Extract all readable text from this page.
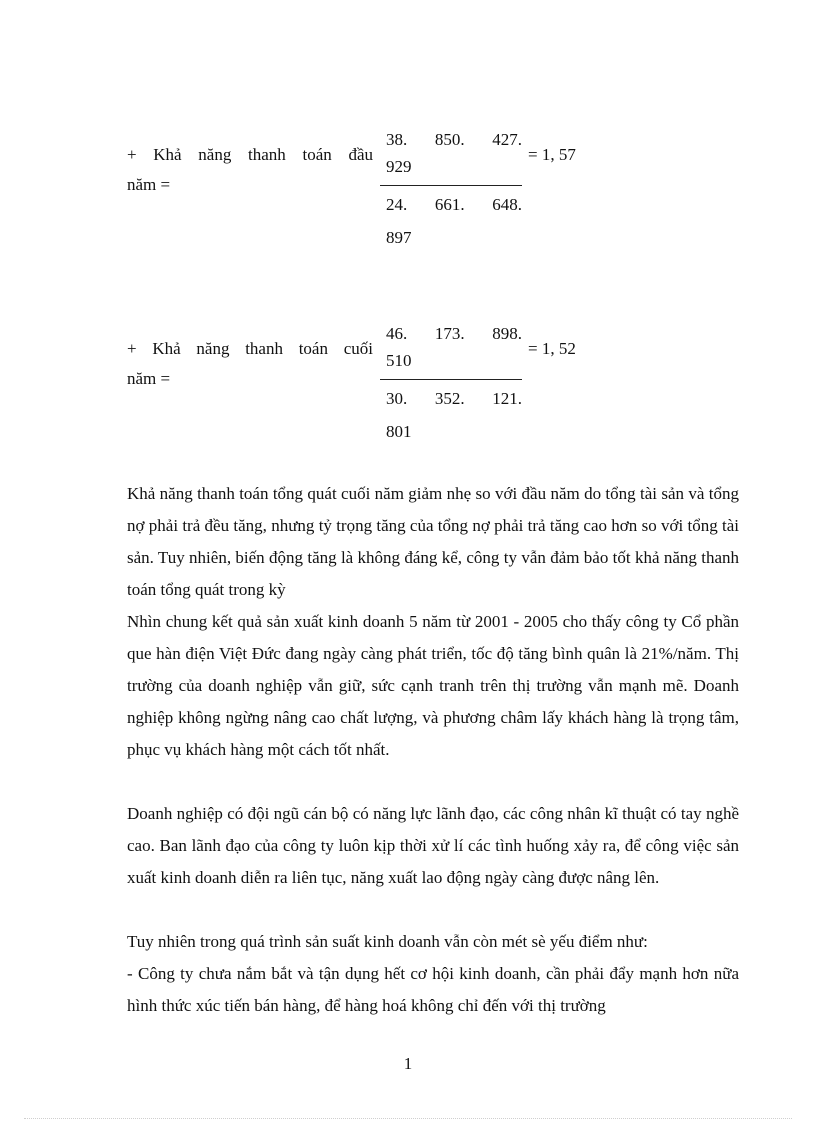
+ Khả năng thanh toán đầu
năm =
38. 850. 427.
929
24. 661. 648.
897
= 1, 57
+ Khả năng thanh toán cuối
năm =
46. 173. 898.
510
30. 352. 121.
801
= 1, 52

Khả năng thanh toán tổng quát cuối năm giảm nhẹ so với đầu năm do tổng tài sản và tổng nợ phải trả đều tăng, nhưng tỷ trọng tăng của tổng nợ phải trả tăng cao hơn so với tổng tài sản. Tuy nhiên, biến động tăng là không đáng kể, công ty vẫn đảm bảo tốt khả năng thanh toán tổng quát trong kỳ

Nhìn chung kết quả sản xuất kinh doanh 5 năm từ 2001 - 2005 cho thấy công ty Cổ phần que hàn điện Việt Đức đang ngày càng phát triển, tốc độ tăng bình quân là 21%/năm. Thị trường của doanh nghiệp vẫn giữ, sức cạnh tranh trên thị trường vẫn mạnh mẽ. Doanh nghiệp không ngừng nâng cao chất lượng, và phương châm lấy khách hàng là trọng tâm, phục vụ khách hàng một cách tốt nhất.

Doanh nghiệp có đội ngũ cán bộ có năng lực lãnh đạo, các công nhân kĩ thuật có tay nghề cao. Ban lãnh đạo của công ty luôn kịp thời xử lí các tình huống xảy ra, để công việc sản xuất kinh doanh diễn ra liên tục, năng xuất lao động ngày càng được nâng lên.

Tuy nhiên trong quá trình sản suất kinh doanh vẫn còn mét sè yếu điểm như:

- Công ty chưa nắm bắt và tận dụng hết cơ hội kinh doanh, cần phải đẩy mạnh hơn nữa hình thức xúc tiến bán hàng, để hàng hoá không chỉ đến với thị trường

1
